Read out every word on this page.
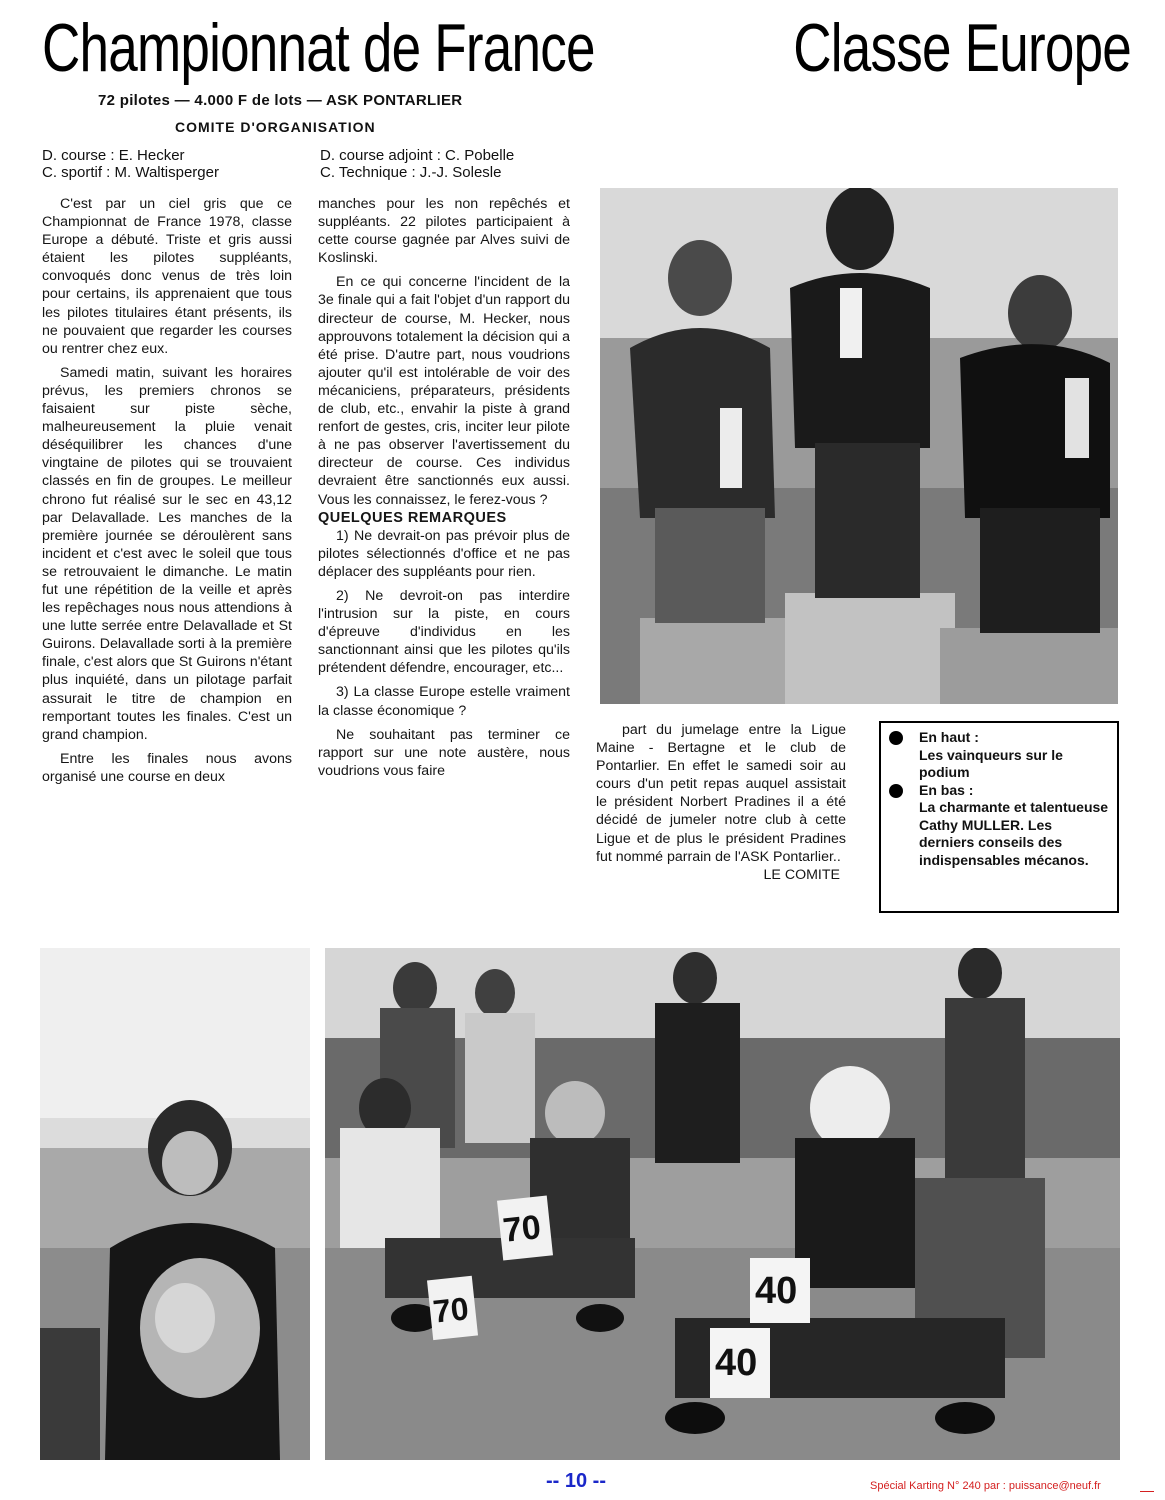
Championnat de France	Classe Europe
72 pilotes — 4.000 F de lots — ASK PONTARLIER
COMITE D'ORGANISATION
D. course : E. Hecker
C. sportif : M. Waltisperger
D. course adjoint : C. Pobelle
C. Technique : J.-J. Solesle

C'est par un ciel gris que ce Championnat de France 1978, classe Europe a débuté. Triste et gris aussi étaient les pilotes suppléants, convoqués donc venus de très loin pour certains, ils apprenaient que tous les pilotes titulaires étant présents, ils ne pouvaient que regarder les courses ou rentrer chez eux.

Samedi matin, suivant les horaires prévus, les premiers chronos se faisaient sur piste sèche, malheureusement la pluie venait déséquilibrer les chances d'une vingtaine de pilotes qui se trouvaient classés en fin de groupes. Le meilleur chrono fut réalisé sur le sec en 43,12 par Delavallade. Les manches de la première journée se déroulèrent sans incident et c'est avec le soleil que tous se retrouvaient le dimanche. Le matin fut une répétition de la veille et après les repêchages nous nous attendions à une lutte serrée entre Delavallade et St Guirons. Delavallade sorti à la première finale, c'est alors que St Guirons n'étant plus inquiété, dans un pilotage parfait assurait le titre de champion en remportant toutes les finales. C'est un grand champion.

Entre les finales nous avons organisé une course en deux

manches pour les non repêchés et suppléants. 22 pilotes participaient à cette course gagnée par Alves suivi de Koslinski.

En ce qui concerne l'incident de la 3e finale qui a fait l'objet d'un rapport du directeur de course, M. Hecker, nous approuvons totalement la décision qui a été prise. D'autre part, nous voudrions ajouter qu'il est intolérable de voir des mécaniciens, préparateurs, présidents de club, etc., envahir la piste à grand renfort de gestes, cris, inciter leur pilote à ne pas observer l'avertissement du directeur de course. Ces individus devraient être sanctionnés eux aussi. Vous les connaissez, le ferez-vous ?

QUELQUES REMARQUES

1) Ne devrait-on pas prévoir plus de pilotes sélectionnés d'office et ne pas déplacer des suppléants pour rien.

2) Ne devroit-on pas interdire l'intrusion sur la piste, en cours d'épreuve d'individus en les sanctionnant ainsi que les pilotes qu'ils prétendent défendre, encourager, etc...

3) La classe Europe estelle vraiment la classe économique ?

Ne souhaitant pas terminer ce rapport sur une note austère, nous voudrions vous faire

part du jumelage entre la Ligue Maine - Bertagne et le club de Pontarlier. En effet le samedi soir au cours d'un petit repas auquel assistait le président Norbert Pradines il a été décidé de jumeler notre club à cette Ligue et de plus le président Pradines fut nommé parrain de l'ASK Pontarlier..

LE COMITE
En haut :
Les vainqueurs sur le podium
En bas :
La charmante et talentueuse Cathy MULLER. Les derniers conseils des indispensables mécanos.
70
70	40
40
-- 10 --	Spécial Karting N° 240 par : puissance@neuf.fr
